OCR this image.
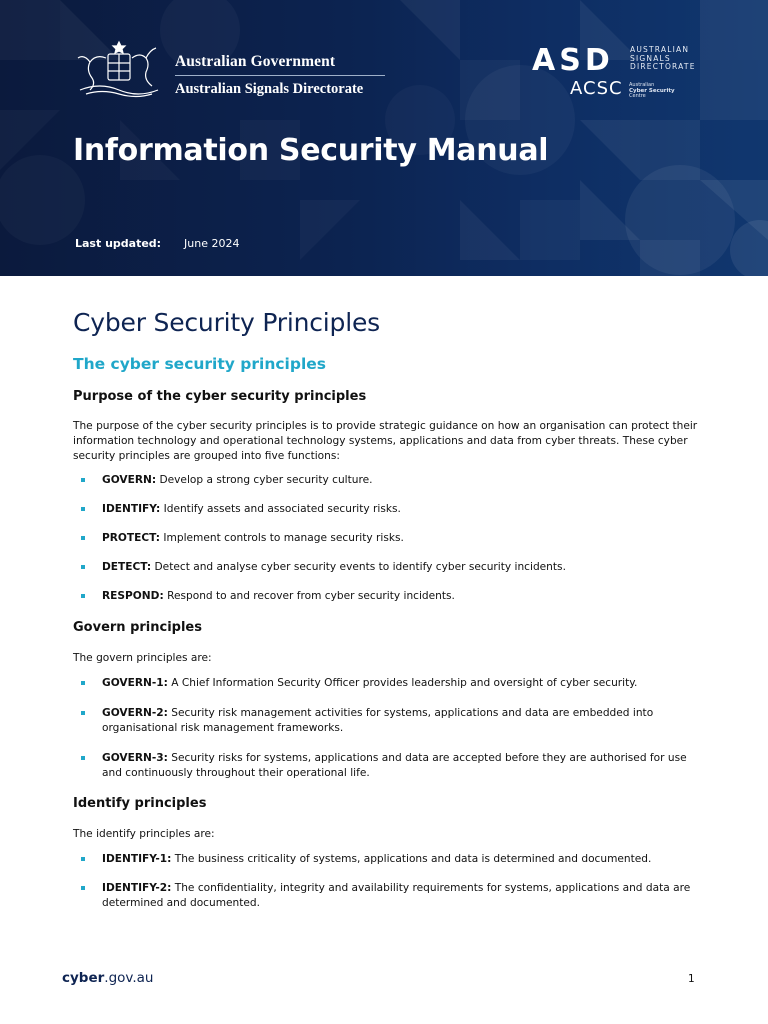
Australian Government
Australian Signals Directorate
ASD AUSTRALIAN
SIGNALS
DIRECTORATE
ACSC Australian
Cyber Security
Centre
Information Security Manual
Last updated: June 2024
Cyber Security Principles
The cyber security principles
Purpose of the cyber security principles

The purpose of the cyber security principles is to provide strategic guidance on how an organisation can protect their information technology and operational technology systems, applications and data from cyber threats. These cyber security principles are grouped into five functions:

GOVERN: Develop a strong cyber security culture.
IDENTIFY: Identify assets and associated security risks.
PROTECT: Implement controls to manage security risks.
DETECT: Detect and analyse cyber security events to identify cyber security incidents.
RESPOND: Respond to and recover from cyber security incidents.
Govern principles

The govern principles are:

GOVERN-1: A Chief Information Security Officer provides leadership and oversight of cyber security.
GOVERN-2: Security risk management activities for systems, applications and data are embedded into organisational risk management frameworks.
GOVERN-3: Security risks for systems, applications and data are accepted before they are authorised for use and continuously throughout their operational life.
Identify principles

The identify principles are:

IDENTIFY-1: The business criticality of systems, applications and data is determined and documented.
IDENTIFY-2: The confidentiality, integrity and availability requirements for systems, applications and data are determined and documented.
cyber.gov.au	1
